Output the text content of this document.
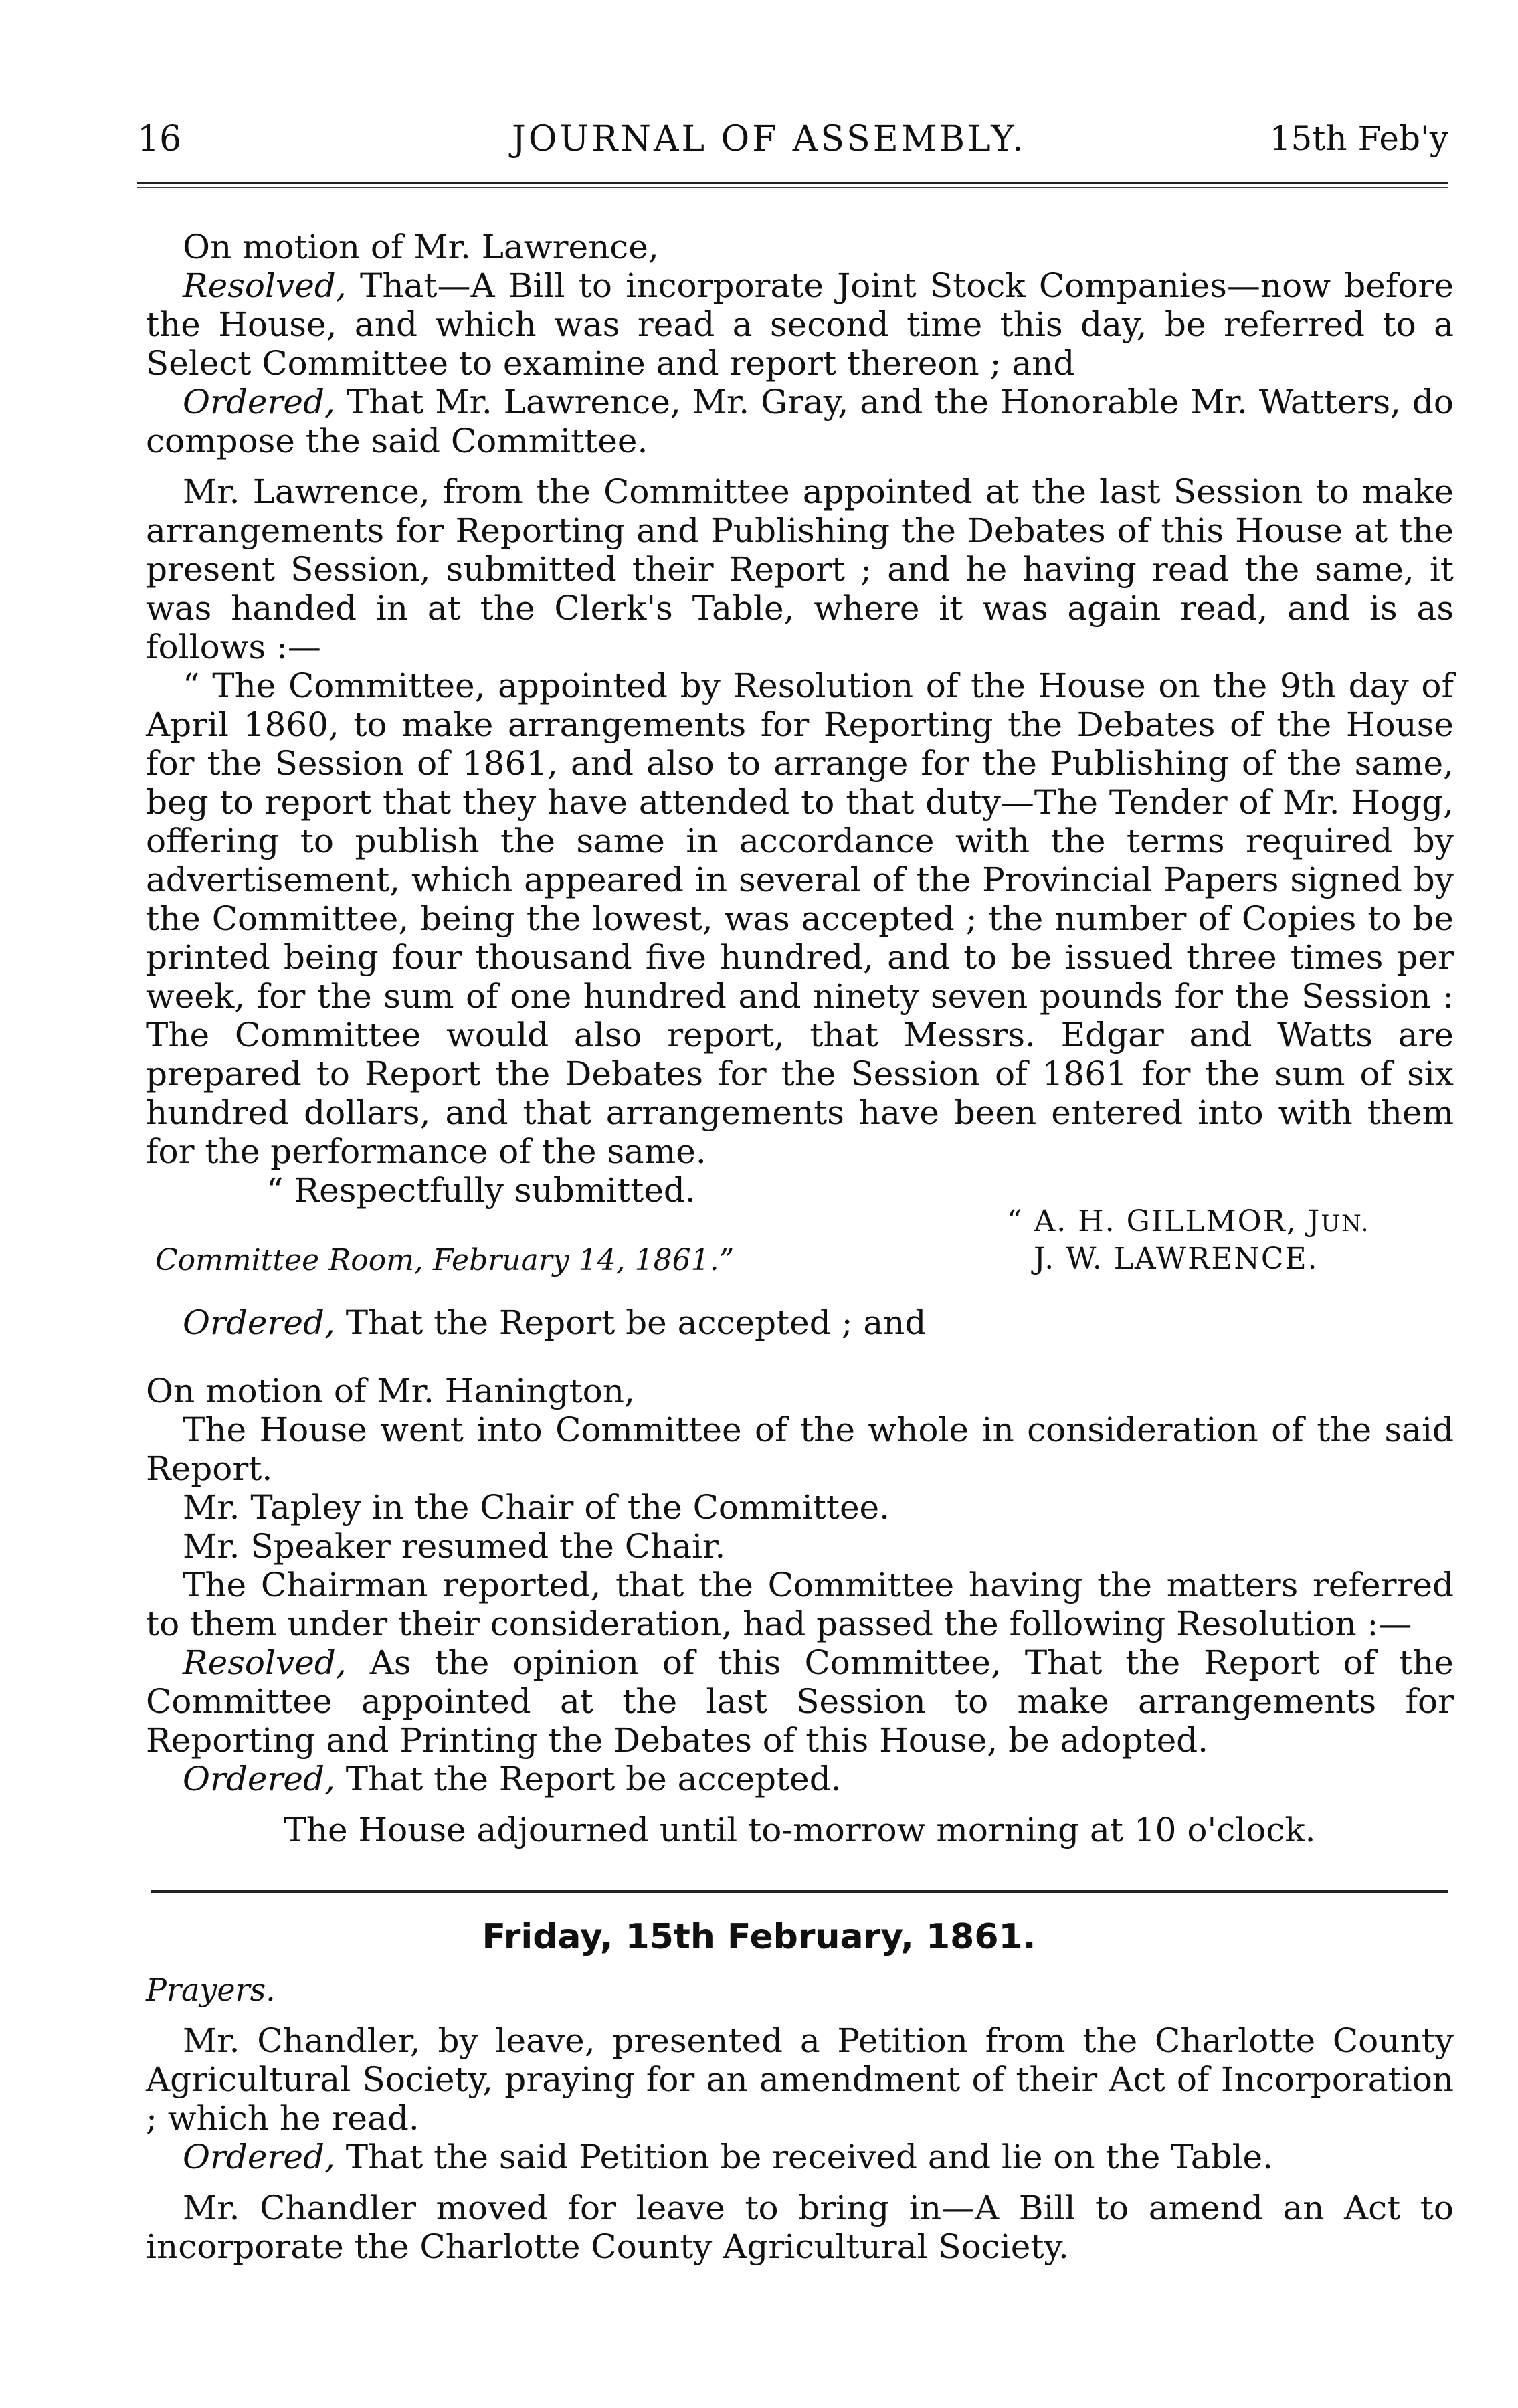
16	JOURNAL OF ASSEMBLY.	15th Feb'y

On motion of Mr. Lawrence,

Resolved, That—A Bill to incorporate Joint Stock Companies—now before the House, and which was read a second time this day, be referred to a Select Committee to examine and report thereon ; and

Ordered, That Mr. Lawrence, Mr. Gray, and the Honorable Mr. Watters, do compose the said Committee.

Mr. Lawrence, from the Committee appointed at the last Session to make arrangements for Reporting and Publishing the Debates of this House at the present Session, submitted their Report ; and he having read the same, it was handed in at the Clerk's Table, where it was again read, and is as follows :—

“ The Committee, appointed by Resolution of the House on the 9th day of April 1860, to make arrangements for Reporting the Debates of the House for the Session of 1861, and also to arrange for the Publishing of the same, beg to report that they have attended to that duty—The Tender of Mr. Hogg, offering to publish the same in accordance with the terms required by advertisement, which appeared in several of the Provincial Papers signed by the Committee, being the lowest, was accepted ; the number of Copies to be printed being four thousand five hundred, and to be issued three times per week, for the sum of one hundred and ninety seven pounds for the Session : The Committee would also report, that Messrs. Edgar and Watts are prepared to Report the Debates for the Session of 1861 for the sum of six hundred dollars, and that arrangements have been entered into with them for the performance of the same.

“ Respectfully submitted.

“ A. H. GILLMOR, JUN.
Committee Room, February 14, 1861.”	J. W. LAWRENCE.

Ordered, That the Report be accepted ; and

On motion of Mr. Hanington,

The House went into Committee of the whole in consideration of the said Report.

Mr. Tapley in the Chair of the Committee.

Mr. Speaker resumed the Chair.

The Chairman reported, that the Committee having the matters referred to them under their consideration, had passed the following Resolution :—

Resolved, As the opinion of this Committee, That the Report of the Committee appointed at the last Session to make arrangements for Reporting and Printing the Debates of this House, be adopted.

Ordered, That the Report be accepted.

The House adjourned until to-morrow morning at 10 o'clock.

Friday, 15th February, 1861.

Prayers.

Mr. Chandler, by leave, presented a Petition from the Charlotte County Agricultural Society, praying for an amendment of their Act of Incorporation ; which he read.

Ordered, That the said Petition be received and lie on the Table.

Mr. Chandler moved for leave to bring in—A Bill to amend an Act to incorporate the Charlotte County Agricultural Society.
